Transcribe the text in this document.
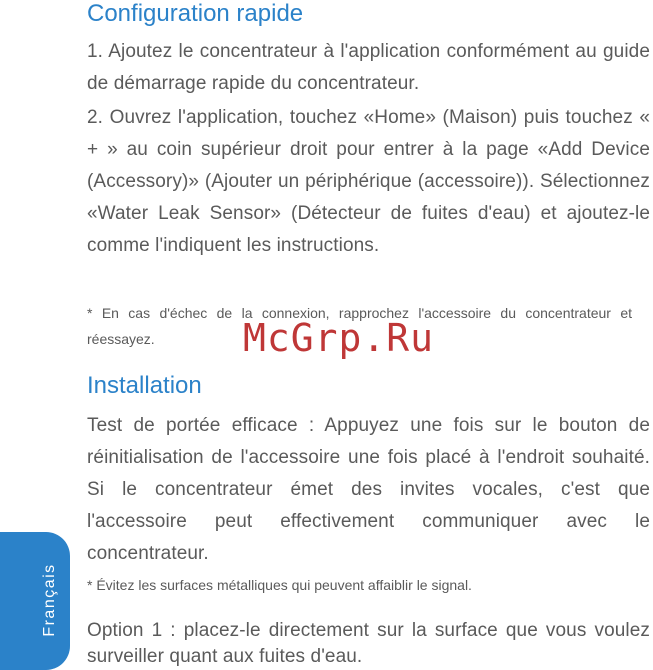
Configuration rapide

1. Ajoutez le concentrateur à l'application conformément au guide de démarrage rapide du concentrateur.

2. Ouvrez l'application, touchez «Home» (Maison) puis touchez « + » au coin supérieur droit pour entrer à la page «Add Device (Accessory)» (Ajouter un périphérique (accessoire)). Sélectionnez «Water Leak Sensor» (Détecteur de fuites d'eau) et ajoutez-le comme l'indiquent les instructions.

* En cas d'échec de la connexion, rapprochez l'accessoire du concentrateur et réessayez.

Installation

Test de portée efficace : Appuyez une fois sur le bouton de réinitialisation de l'accessoire une fois placé à l'endroit souhaité. Si le concentrateur émet des invites vocales, c'est que l'accessoire peut effectivement communiquer avec le concentrateur.

* Évitez les surfaces métalliques qui peuvent affaiblir le signal.

Option 1 : placez-le directement sur la surface que vous voulez surveiller quant aux fuites d'eau.

Français
McGrp.Ru
